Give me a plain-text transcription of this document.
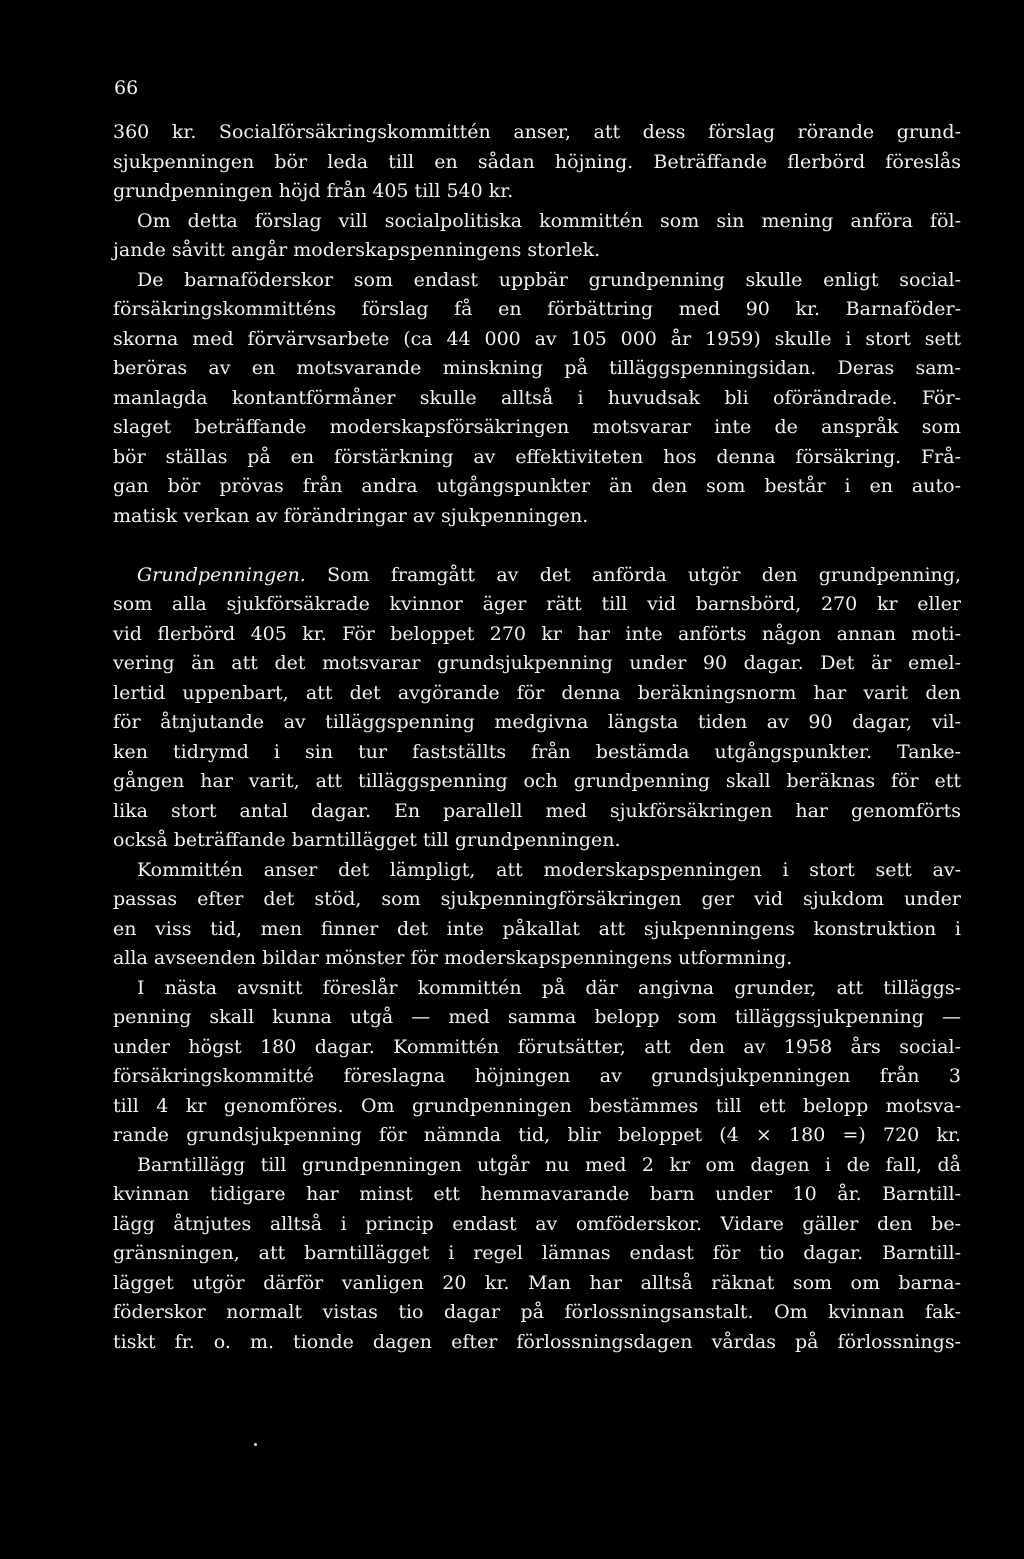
66
360 kr. Socialförsäkringskommittén anser, att dess förslag rörande grund-
sjukpenningen bör leda till en sådan höjning. Beträffande flerbörd föreslås
grundpenningen höjd från 405 till 540 kr.
Om detta förslag vill socialpolitiska kommittén som sin mening anföra föl-
jande såvitt angår moderskapspenningens storlek.
De barnaföderskor som endast uppbär grundpenning skulle enligt social-
försäkringskommitténs förslag få en förbättring med 90 kr. Barnaföder-
skorna med förvärvsarbete (ca 44 000 av 105 000 år 1959) skulle i stort sett
beröras av en motsvarande minskning på tilläggspenningsidan. Deras sam-
manlagda kontantförmåner skulle alltså i huvudsak bli oförändrade. För-
slaget beträffande moderskapsförsäkringen motsvarar inte de anspråk som
bör ställas på en förstärkning av effektiviteten hos denna försäkring. Frå-
gan bör prövas från andra utgångspunkter än den som består i en auto-
matisk verkan av förändringar av sjukpenningen.
Grundpenningen. Som framgått av det anförda utgör den grundpenning,
som alla sjukförsäkrade kvinnor äger rätt till vid barnsbörd, 270 kr eller
vid flerbörd 405 kr. För beloppet 270 kr har inte anförts någon annan moti-
vering än att det motsvarar grundsjukpenning under 90 dagar. Det är emel-
lertid uppenbart, att det avgörande för denna beräkningsnorm har varit den
för åtnjutande av tilläggspenning medgivna längsta tiden av 90 dagar, vil-
ken tidrymd i sin tur fastställts från bestämda utgångspunkter. Tanke-
gången har varit, att tilläggspenning och grundpenning skall beräknas för ett
lika stort antal dagar. En parallell med sjukförsäkringen har genomförts
också beträffande barntillägget till grundpenningen.
Kommittén anser det lämpligt, att moderskapspenningen i stort sett av-
passas efter det stöd, som sjukpenningförsäkringen ger vid sjukdom under
en viss tid, men finner det inte påkallat att sjukpenningens konstruktion i
alla avseenden bildar mönster för moderskapspenningens utformning.
I nästa avsnitt föreslår kommittén på där angivna grunder, att tilläggs-
penning skall kunna utgå — med samma belopp som tilläggssjukpenning —
under högst 180 dagar. Kommittén förutsätter, att den av 1958 års social-
försäkringskommitté föreslagna höjningen av grundsjukpenningen från 3
till 4 kr genomföres. Om grundpenningen bestämmes till ett belopp motsva-
rande grundsjukpenning för nämnda tid, blir beloppet (4 × 180 =) 720 kr.
Barntillägg till grundpenningen utgår nu med 2 kr om dagen i de fall, då
kvinnan tidigare har minst ett hemmavarande barn under 10 år. Barntill-
lägg åtnjutes alltså i princip endast av omföderskor. Vidare gäller den be-
gränsningen, att barntillägget i regel lämnas endast för tio dagar. Barntill-
lägget utgör därför vanligen 20 kr. Man har alltså räknat som om barna-
föderskor normalt vistas tio dagar på förlossningsanstalt. Om kvinnan fak-
tiskt fr. o. m. tionde dagen efter förlossningsdagen vårdas på förlossnings-
